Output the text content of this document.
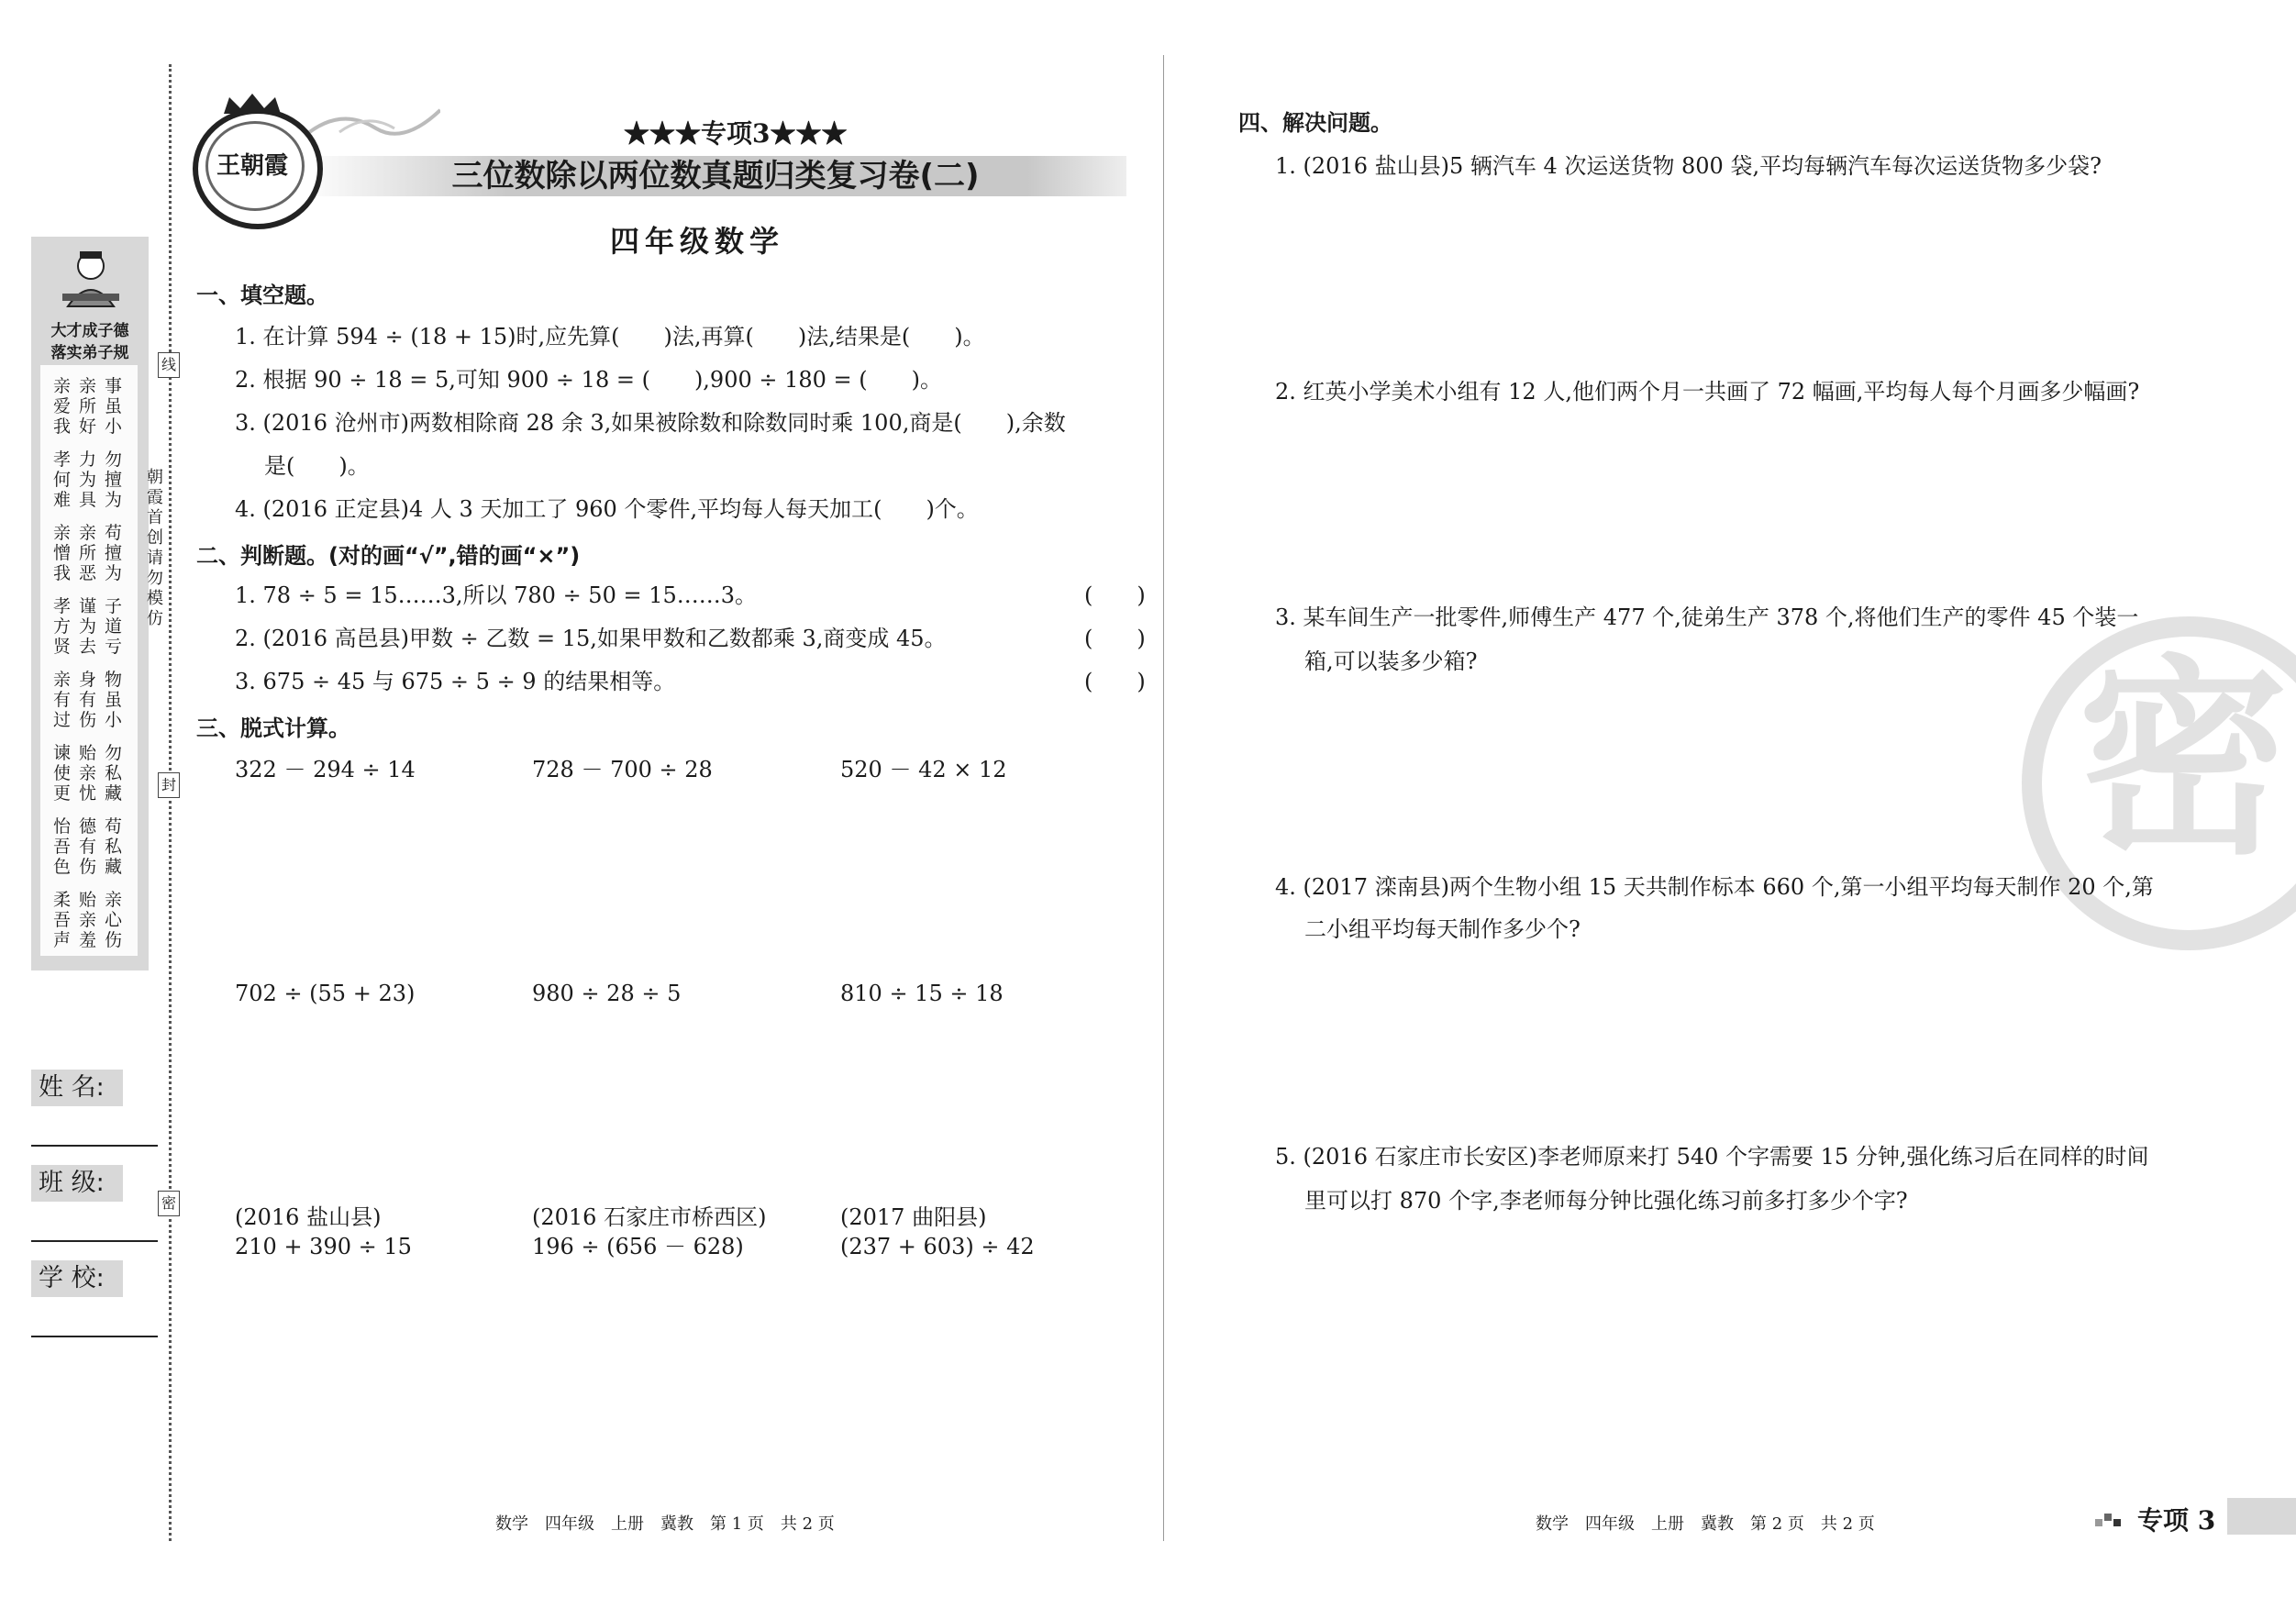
大才成子德
落实弟子规
亲爱我
亲所好
事虽小
孝何难
力为具
勿擅为
亲憎我
亲所恶
苟擅为
孝方贤
谨为去
子道亏
亲有过
身有伤
物虽小
谏使更
贻亲忧
勿私藏
怡吾色
德有伤
苟私藏
柔吾声
贻亲羞
亲心伤
姓 名:
班 级:
学 校:
线
封
密
朝霞首创 请勿模仿
王朝霞
★★★专项3★★★
三位数除以两位数真题归类复习卷(二)
四年级数学
一、填空题。
1. 在计算 594 ÷ (18 + 15)时,应先算(　　)法,再算(　　)法,结果是(　　)。
2. 根据 90 ÷ 18 = 5,可知 900 ÷ 18 = (　　),900 ÷ 180 = (　　)。
3. (2016 沧州市)两数相除商 28 余 3,如果被除数和除数同时乘 100,商是(　　),余数
是(　　)。
4. (2016 正定县)4 人 3 天加工了 960 个零件,平均每人每天加工(　　)个。
二、判断题。(对的画“√”,错的画“×”)
1. 78 ÷ 5 = 15……3,所以 780 ÷ 50 = 15……3。	(　　)
2. (2016 高邑县)甲数 ÷ 乙数 = 15,如果甲数和乙数都乘 3,商变成 45。	(　　)
3. 675 ÷ 45 与 675 ÷ 5 ÷ 9 的结果相等。	(　　)
三、脱式计算。
322 － 294 ÷ 14	728 － 700 ÷ 28	520 － 42 × 12
702 ÷ (55 + 23)	980 ÷ 28 ÷ 5	810 ÷ 15 ÷ 18
(2016 盐山县)	(2016 石家庄市桥西区)	(2017 曲阳县)
210 + 390 ÷ 15	196 ÷ (656 － 628)	(237 + 603) ÷ 42
密
四、解决问题。
1. (2016 盐山县)5 辆汽车 4 次运送货物 800 袋,平均每辆汽车每次运送货物多少袋?
2. 红英小学美术小组有 12 人,他们两个月一共画了 72 幅画,平均每人每个月画多少幅画?
3. 某车间生产一批零件,师傅生产 477 个,徒弟生产 378 个,将他们生产的零件 45 个装一
箱,可以装多少箱?
4. (2017 滦南县)两个生物小组 15 天共制作标本 660 个,第一小组平均每天制作 20 个,第
二小组平均每天制作多少个?
5. (2016 石家庄市长安区)李老师原来打 540 个字需要 15 分钟,强化练习后在同样的时间
里可以打 870 个字,李老师每分钟比强化练习前多打多少个字?
数学　四年级　上册　冀教　第 1 页　共 2 页	数学　四年级　上册　冀教　第 2 页　共 2 页	专项 3
